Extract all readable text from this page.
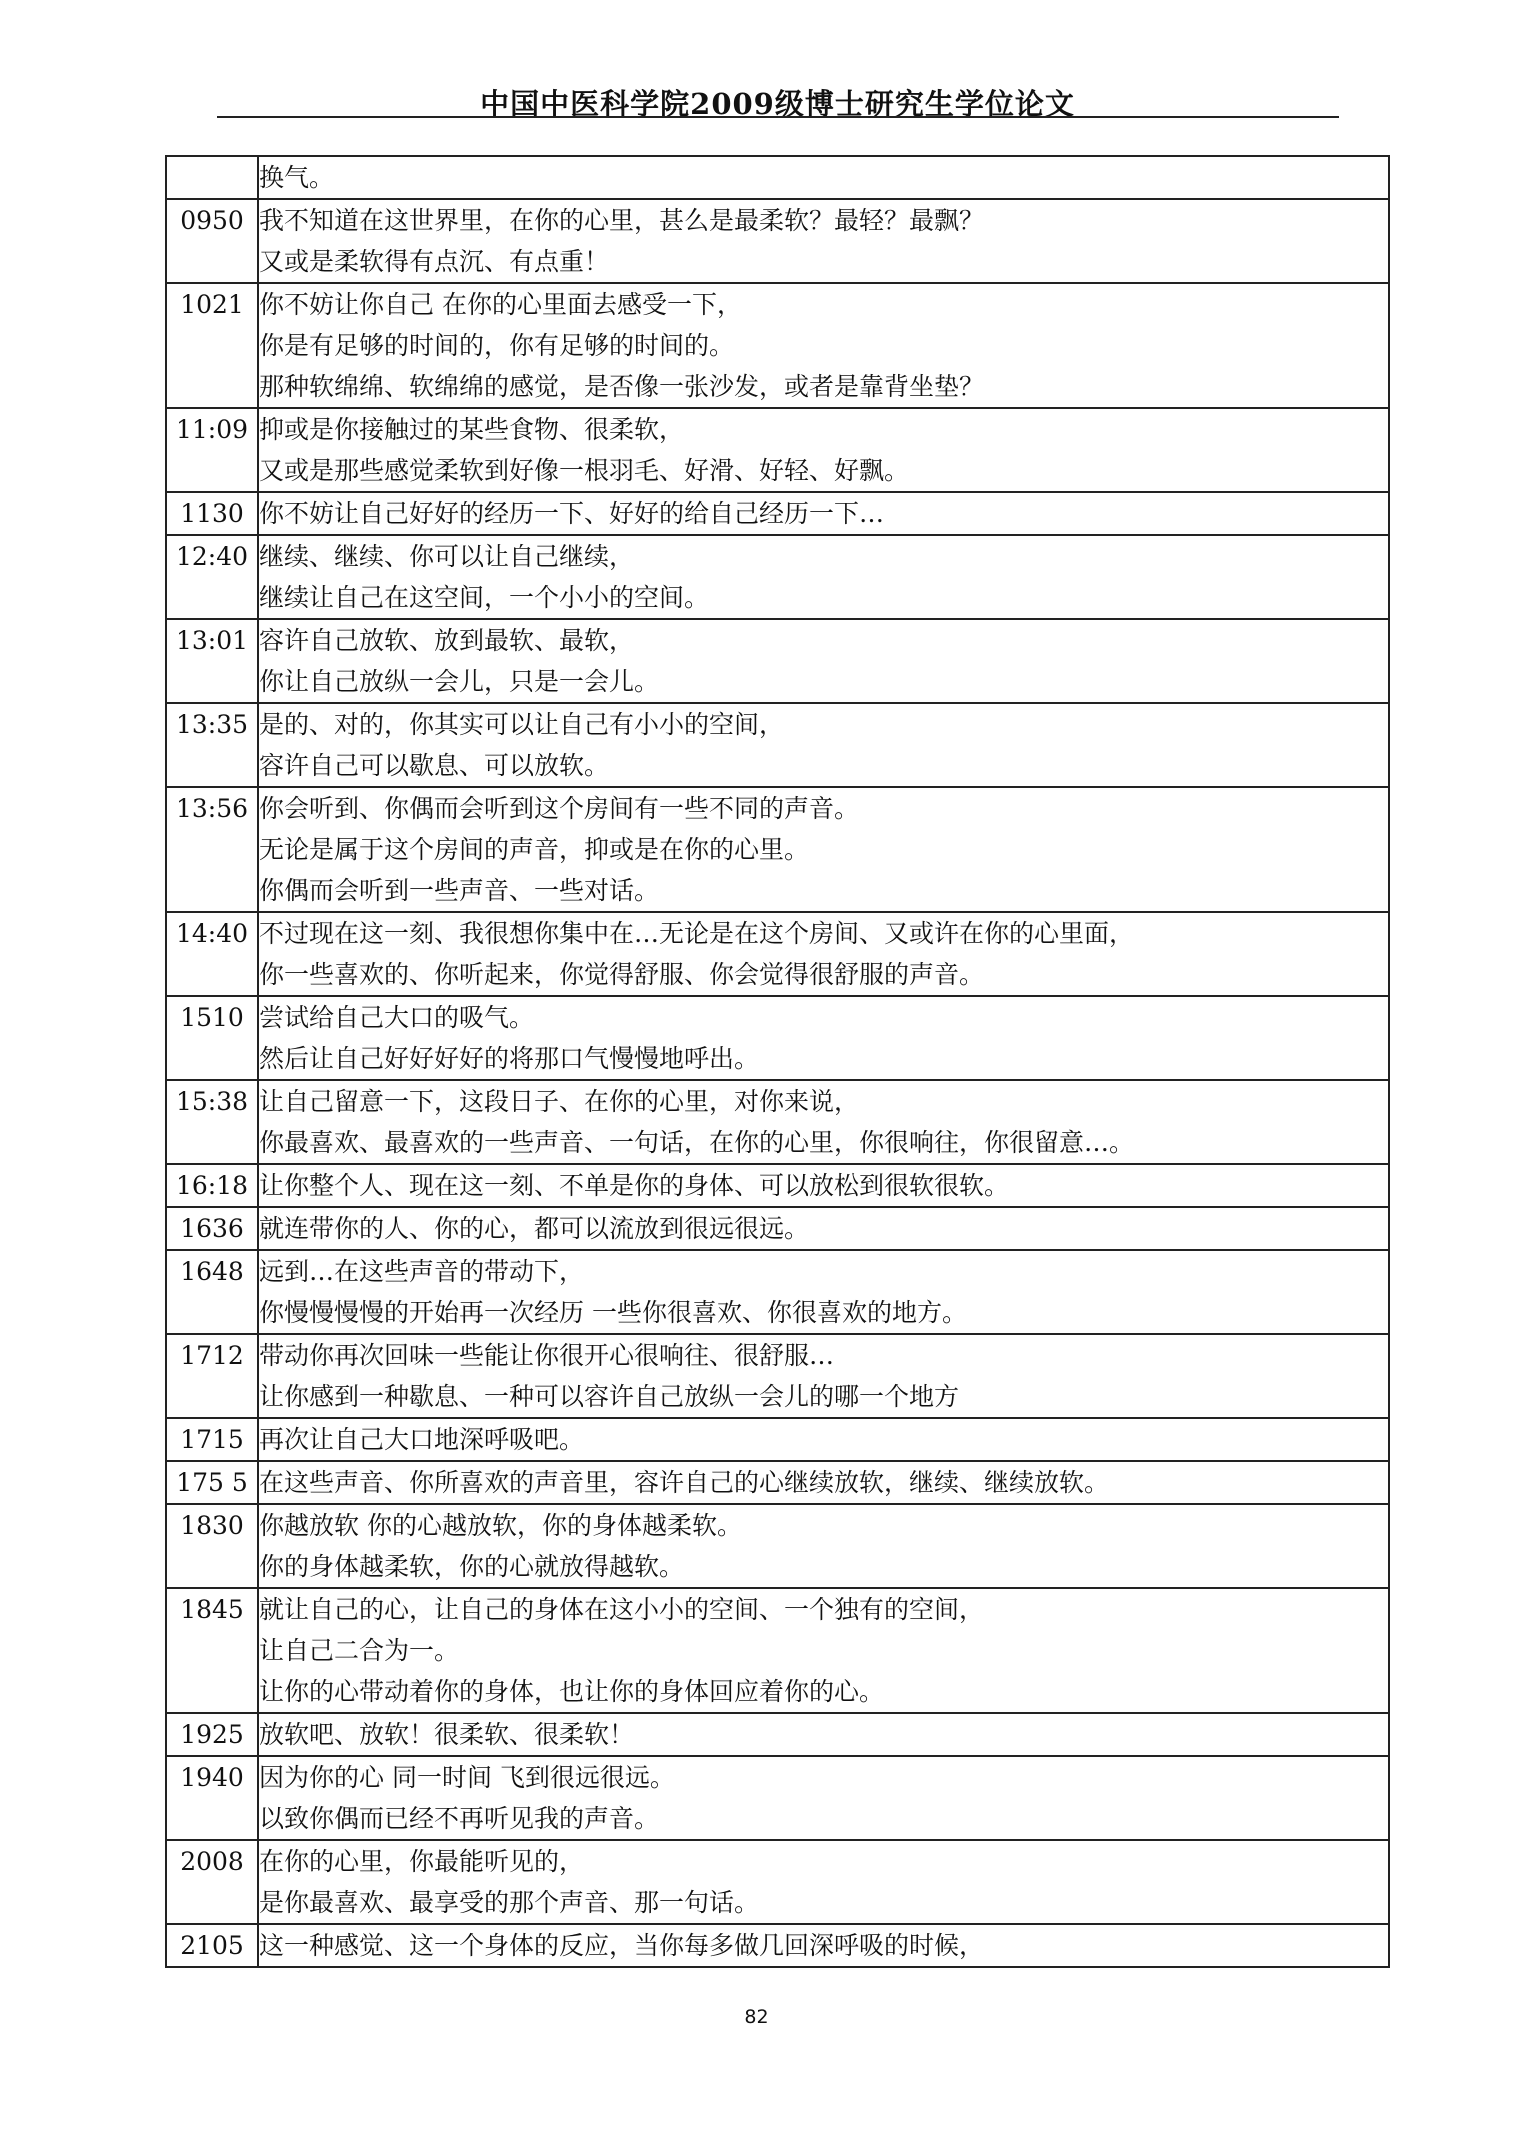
中国中医科学院2009级博士研究生学位论文

	换气。

0950	我不知道在这世界里，在你的心里，甚么是最柔软？最轻？最飘？
又或是柔软得有点沉、有点重！

1021	你不妨让你自己 在你的心里面去感受一下，
你是有足够的时间的，你有足够的时间的。
那种软绵绵、软绵绵的感觉，是否像一张沙发，或者是靠背坐垫？

11:09	抑或是你接触过的某些食物、很柔软，
又或是那些感觉柔软到好像一根羽毛、好滑、好轻、好飘。

1130	你不妨让自己好好的经历一下、好好的给自己经历一下…

12:40	继续、继续、你可以让自己继续，
继续让自己在这空间，一个小小的空间。

13:01	容许自己放软、放到最软、最软，
你让自己放纵一会儿，只是一会儿。

13:35	是的、对的，你其实可以让自己有小小的空间，
容许自己可以歇息、可以放软。

13:56	你会听到、你偶而会听到这个房间有一些不同的声音。
无论是属于这个房间的声音，抑或是在你的心里。
你偶而会听到一些声音、一些对话。

14:40	不过现在这一刻、我很想你集中在…无论是在这个房间、又或许在你的心里面，
你一些喜欢的、你听起来，你觉得舒服、你会觉得很舒服的声音。

1510	尝试给自己大口的吸气。
然后让自己好好好好的将那口气慢慢地呼出。

15:38	让自己留意一下，这段日子、在你的心里，对你来说，
你最喜欢、最喜欢的一些声音、一句话，在你的心里，你很响往，你很留意…。

16:18	让你整个人、现在这一刻、不单是你的身体、可以放松到很软很软。

1636	就连带你的人、你的心，都可以流放到很远很远。

1648	远到…在这些声音的带动下，
你慢慢慢慢的开始再一次经历 一些你很喜欢、你很喜欢的地方。

1712	带动你再次回味一些能让你很开心很响往、很舒服…
让你感到一种歇息、一种可以容许自己放纵一会儿的哪一个地方

1715	再次让自己大口地深呼吸吧。

175 5	在这些声音、你所喜欢的声音里，容许自己的心继续放软，继续、继续放软。

1830	你越放软 你的心越放软，你的身体越柔软。
你的身体越柔软，你的心就放得越软。

1845	就让自己的心，让自己的身体在这小小的空间、一个独有的空间，
让自己二合为一。
让你的心带动着你的身体，也让你的身体回应着你的心。

1925	放软吧、放软！很柔软、很柔软！

1940	因为你的心 同一时间 飞到很远很远。
以致你偶而已经不再听见我的声音。

2008	在你的心里，你最能听见的，
是你最喜欢、最享受的那个声音、那一句话。

2105	这一种感觉、这一个身体的反应，当你每多做几回深呼吸的时候，
82
